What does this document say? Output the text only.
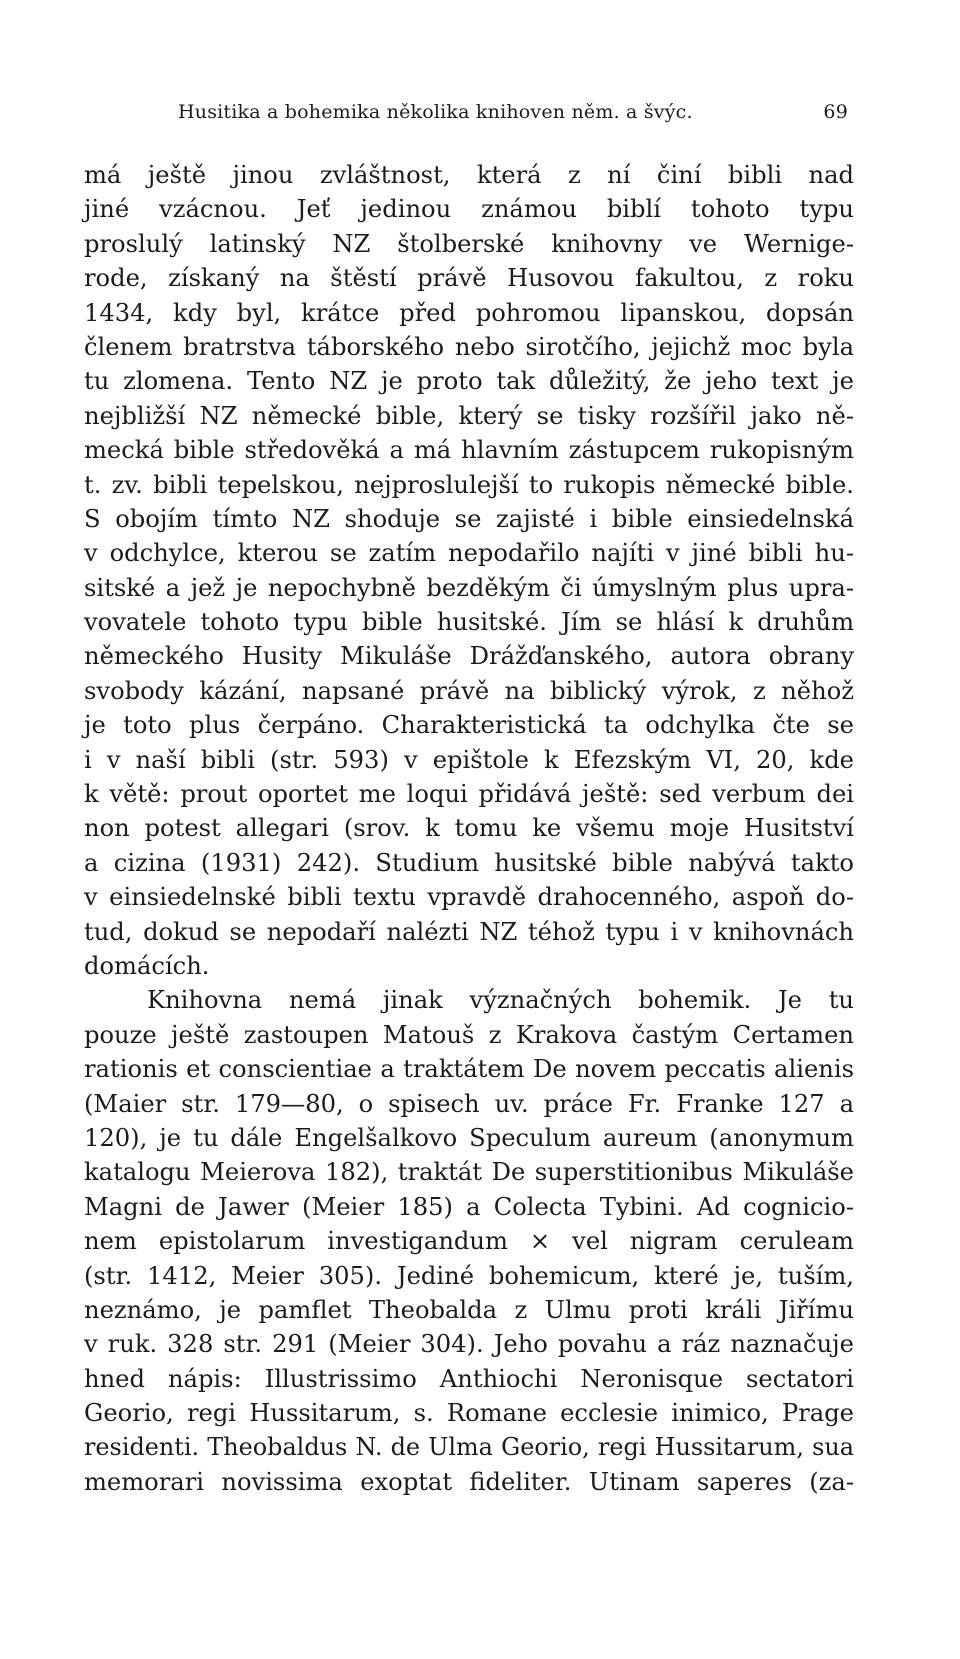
Husitika a bohemika několika knihoven něm. a švýc.	69
má ještě jinou zvláštnost, která z ní činí bibli nad
jiné vzácnou. Jeť jedinou známou biblí tohoto typu
proslulý latinský NZ štolberské knihovny ve Wernige-
rode, získaný na štěstí právě Husovou fakultou, z roku
1434, kdy byl, krátce před pohromou lipanskou, dopsán
členem bratrstva táborského nebo sirotčího, jejichž moc byla
tu zlomena. Tento NZ je proto tak důležitý, že jeho text je
nejbližší NZ německé bible, který se tisky rozšířil jako ně-
mecká bible středověká a má hlavním zástupcem rukopisným
t. zv. bibli tepelskou, nejproslulejší to rukopis německé bible.
S obojím tímto NZ shoduje se zajisté i bible einsiedelnská
v odchylce, kterou se zatím nepodařilo najíti v jiné bibli hu-
sitské a jež je nepochybně bezděkým či úmyslným plus upra-
vovatele tohoto typu bible husitské. Jím se hlásí k druhům
německého Husity Mikuláše Drážďanského, autora obrany
svobody kázání, napsané právě na biblický výrok, z něhož
je toto plus čerpáno. Charakteristická ta odchylka čte se
i v naší bibli (str. 593) v epištole k Efezským VI, 20, kde
k větě: prout oportet me loqui přidává ještě: sed verbum dei
non potest allegari (srov. k tomu ke všemu moje Husitství
a cizina (1931) 242). Studium husitské bible nabývá takto
v einsiedelnské bibli textu vpravdě drahocenného, aspoň do-
tud, dokud se nepodaří nalézti NZ téhož typu i v knihovnách
domácích.
Knihovna nemá jinak význačných bohemik. Je tu
pouze ještě zastoupen Matouš z Krakova častým Certamen
rationis et conscientiae a traktátem De novem peccatis alienis
(Maier str. 179—80, o spisech uv. práce Fr. Franke 127 a
120), je tu dále Engelšalkovo Speculum aureum (anonymum
katalogu Meierova 182), traktát De superstitionibus Mikuláše
Magni de Jawer (Meier 185) a Colecta Tybini. Ad cognicio-
nem epistolarum investigandum × vel nigram ceruleam
(str. 1412, Meier 305). Jediné bohemicum, které je, tuším,
neznámo, je pamflet Theobalda z Ulmu proti králi Jiřímu
v ruk. 328 str. 291 (Meier 304). Jeho povahu a ráz naznačuje
hned nápis: Illustrissimo Anthiochi Neronisque sectatori
Georio, regi Hussitarum, s. Romane ecclesie inimico, Prage
residenti. Theobaldus N. de Ulma Georio, regi Hussitarum, sua
memorari novissima exoptat fideliter. Utinam saperes (za-
